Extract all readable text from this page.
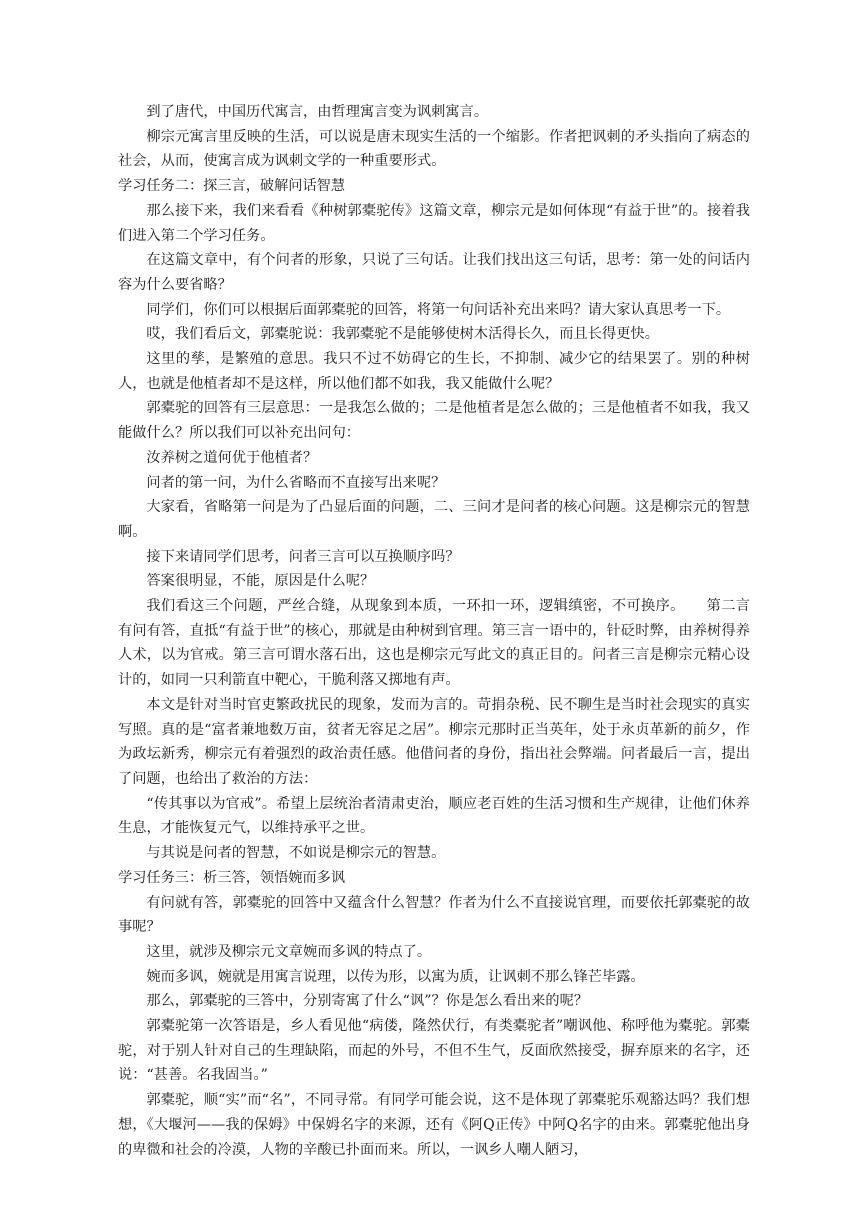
到了唐代，中国历代寓言，由哲理寓言变为讽刺寓言。

柳宗元寓言里反映的生活，可以说是唐末现实生活的一个缩影。作者把讽刺的矛头指向了病态的社会，从而，使寓言成为讽刺文学的一种重要形式。

学习任务二：探三言，破解问话智慧

那么接下来，我们来看看《种树郭橐驼传》这篇文章，柳宗元是如何体现“有益于世”的。接着我们进入第二个学习任务。

在这篇文章中，有个问者的形象，只说了三句话。让我们找出这三句话，思考：第一处的问话内容为什么要省略？

同学们，你们可以根据后面郭橐驼的回答，将第一句问话补充出来吗？请大家认真思考一下。

哎，我们看后文，郭橐驼说：我郭橐驼不是能够使树木活得长久，而且长得更快。

这里的孳，是繁殖的意思。我只不过不妨碍它的生长，不抑制、减少它的结果罢了。别的种树人，也就是他植者却不是这样，所以他们都不如我，我又能做什么呢？

郭橐驼的回答有三层意思：一是我怎么做的；二是他植者是怎么做的；三是他植者不如我，我又能做什么？所以我们可以补充出问句：

汝养树之道何优于他植者？

问者的第一问，为什么省略而不直接写出来呢？

大家看，省略第一问是为了凸显后面的问题，二、三问才是问者的核心问题。这是柳宗元的智慧啊。

接下来请同学们思考，问者三言可以互换顺序吗？

答案很明显，不能，原因是什么呢？

我们看这三个问题，严丝合缝，从现象到本质，一环扣一环，逻辑缜密，不可换序。　　第二言有问有答，直抵“有益于世”的核心，那就是由种树到官理。第三言一语中的，针砭时弊，由养树得养人术，以为官戒。第三言可谓水落石出，这也是柳宗元写此文的真正目的。问者三言是柳宗元精心设计的，如同一只利箭直中靶心，干脆利落又掷地有声。

本文是针对当时官吏繁政扰民的现象，发而为言的。苛捐杂税、民不聊生是当时社会现实的真实写照。真的是“富者兼地数万亩，贫者无容足之居”。柳宗元那时正当英年，处于永贞革新的前夕，作为政坛新秀，柳宗元有着强烈的政治责任感。他借问者的身份，指出社会弊端。问者最后一言，提出了问题，也给出了救治的方法：

“传其事以为官戒”。希望上层统治者清肃吏治，顺应老百姓的生活习惯和生产规律，让他们休养生息，才能恢复元气，以维持承平之世。

与其说是问者的智慧，不如说是柳宗元的智慧。

学习任务三：析三答，领悟婉而多讽

有问就有答，郭橐驼的回答中又蕴含什么智慧？作者为什么不直接说官理，而要依托郭橐驼的故事呢？

这里，就涉及柳宗元文章婉而多讽的特点了。

婉而多讽，婉就是用寓言说理，以传为形，以寓为质，让讽刺不那么锋芒毕露。

那么，郭橐驼的三答中，分别寄寓了什么“讽”？你是怎么看出来的呢？

郭橐驼第一次答语是，乡人看见他“病偻，隆然伏行，有类橐驼者”嘲讽他、称呼他为橐驼。郭橐驼，对于别人针对自己的生理缺陷，而起的外号，不但不生气，反面欣然接受，摒弃原来的名字，还说：“甚善。名我固当。”

郭橐驼，顺“实”而“名”，不同寻常。有同学可能会说，这不是体现了郭橐驼乐观豁达吗？我们想想，《大堰河——我的保姆》中保姆名字的来源，还有《阿Q正传》中阿Q名字的由来。郭橐驼他出身的卑微和社会的冷漠，人物的辛酸已扑面而来。所以，一讽乡人嘲人陋习，
